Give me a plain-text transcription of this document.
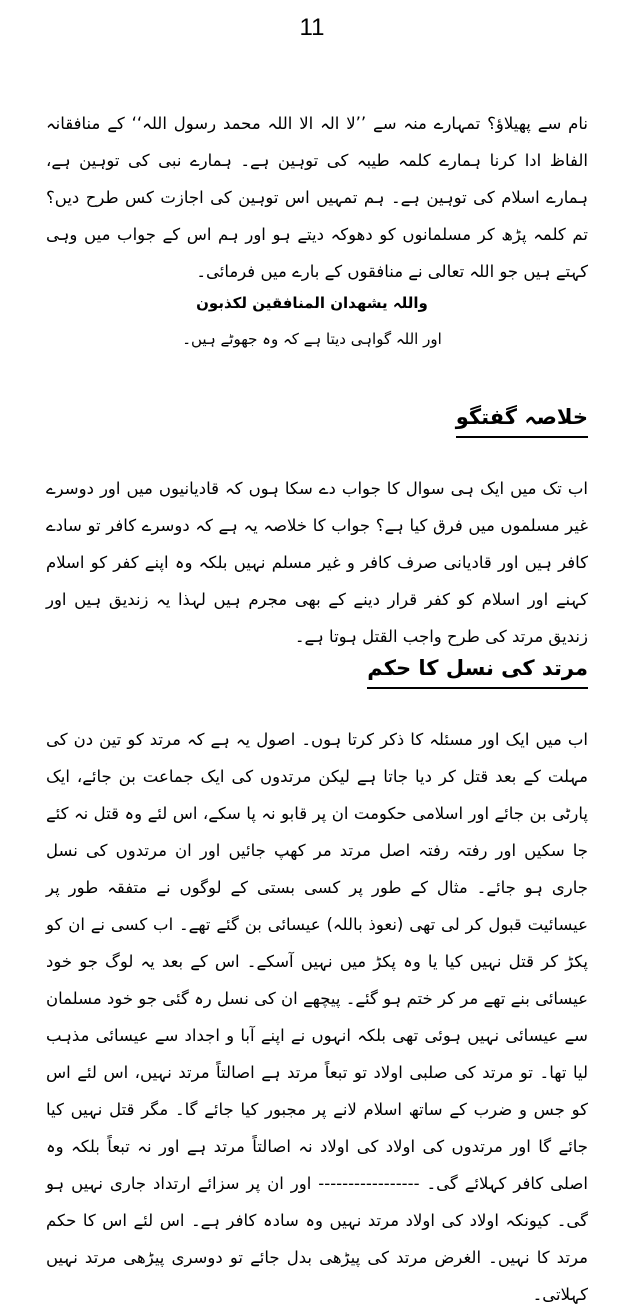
11

نام سے پھیلاؤ؟ تمہارے منہ سے ’’لا الہ الا اللہ محمد رسول اللہ‘‘ کے منافقانہ الفاظ ادا کرنا ہمارے کلمہ طیبہ کی توہین ہے۔ ہمارے نبی کی توہین ہے، ہمارے اسلام کی توہین ہے۔ ہم تمہیں اس توہین کی اجازت کس طرح دیں؟ تم کلمہ پڑھ کر مسلمانوں کو دھوکہ دیتے ہو اور ہم اس کے جواب میں وہی کہتے ہیں جو اللہ تعالی نے منافقوں کے بارے میں فرمائی۔

واللہ یشھدان المنافقین لکذبون
اور اللہ گواہی دیتا ہے کہ وہ جھوٹے ہیں۔
خلاصہ گفتگو

اب تک میں ایک ہی سوال کا جواب دے سکا ہوں کہ قادیانیوں میں اور دوسرے غیر مسلموں میں فرق کیا ہے؟ جواب کا خلاصہ یہ ہے کہ دوسرے کافر تو سادے کافر ہیں اور قادیانی صرف کافر و غیر مسلم نہیں بلکہ وہ اپنے کفر کو اسلام کہنے اور اسلام کو کفر قرار دینے کے بھی مجرم ہیں لہذا یہ زندیق ہیں اور زندیق مرتد کی طرح واجب القتل ہوتا ہے۔

مرتد کی نسل کا حکم

اب میں ایک اور مسئلہ کا ذکر کرتا ہوں۔ اصول یہ ہے کہ مرتد کو تین دن کی مہلت کے بعد قتل کر دیا جاتا ہے لیکن مرتدوں کی ایک جماعت بن جائے، ایک پارٹی بن جائے اور اسلامی حکومت ان پر قابو نہ پا سکے، اس لئے وہ قتل نہ کئے جا سکیں اور رفتہ رفتہ اصل مرتد مر کھپ جائیں اور ان مرتدوں کی نسل جاری ہو جائے۔ مثال کے طور پر کسی بستی کے لوگوں نے متفقہ طور پر عیسائیت قبول کر لی تھی (نعوذ باللہ) عیسائی بن گئے تھے۔ اب کسی نے ان کو پکڑ کر قتل نہیں کیا یا وہ پکڑ میں نہیں آسکے۔ اس کے بعد یہ لوگ جو خود عیسائی بنے تھے مر کر ختم ہو گئے۔ پیچھے ان کی نسل رہ گئی جو خود مسلمان سے عیسائی نہیں ہوئی تھی بلکہ انہوں نے اپنے آبا و اجداد سے عیسائی مذہب لیا تھا۔ تو مرتد کی صلبی اولاد تو تبعاً مرتد ہے اصالتاً مرتد نہیں، اس لئے اس کو جس و ضرب کے ساتھ اسلام لانے پر مجبور کیا جائے گا۔ مگر قتل نہیں کیا جائے گا اور مرتدوں کی اولاد کی اولاد نہ اصالتاً مرتد ہے اور نہ تبعاً بلکہ وہ اصلی کافر کہلائے گی۔ ----------------- اور ان پر سزائے ارتداد جاری نہیں ہو گی۔ کیونکہ اولاد کی اولاد مرتد نہیں وہ سادہ کافر ہے۔ اس لئے اس کا حکم مرتد کا نہیں۔ الغرض مرتد کی پیڑھی بدل جائے تو دوسری پیڑھی مرتد نہیں کہلاتی۔
